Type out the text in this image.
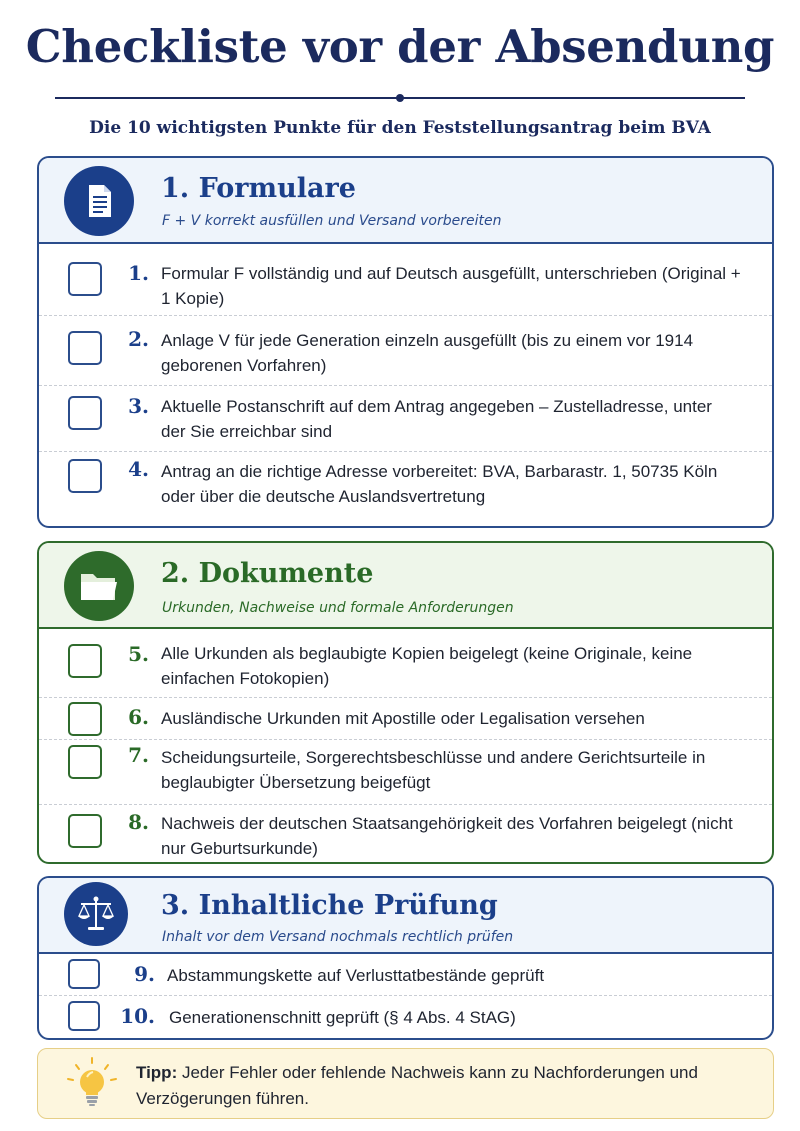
Checkliste vor der Absendung
Die 10 wichtigsten Punkte für den Feststellungsantrag beim BVA
1. Formulare
F + V korrekt ausfüllen und Versand vorbereiten
1. Formular F vollständig und auf Deutsch ausgefüllt, unterschrieben (Original + 1 Kopie)
2. Anlage V für jede Generation einzeln ausgefüllt (bis zu einem vor 1914 geborenen Vorfahren)
3. Aktuelle Postanschrift auf dem Antrag angegeben – Zustelladresse, unter der Sie erreichbar sind
4. Antrag an die richtige Adresse vorbereitet: BVA, Barbarastr. 1, 50735 Köln oder über die deutsche Auslandsvertretung
2. Dokumente
Urkunden, Nachweise und formale Anforderungen
5. Alle Urkunden als beglaubigte Kopien beigelegt (keine Originale, keine einfachen Fotokopien)
6. Ausländische Urkunden mit Apostille oder Legalisation versehen
7. Scheidungsurteile, Sorgerechtsbeschlüsse und andere Gerichtsurteile in beglaubigter Übersetzung beigefügt
8. Nachweis der deutschen Staatsangehörigkeit des Vorfahren beigelegt (nicht nur Geburtsurkunde)
3. Inhaltliche Prüfung
Inhalt vor dem Versand nochmals rechtlich prüfen
9. Abstammungskette auf Verlusttatbestände geprüft
10. Generationenschnitt geprüft (§ 4 Abs. 4 StAG)
Tipp: Jeder Fehler oder fehlende Nachweis kann zu Nachforderungen und Verzögerungen führen.
